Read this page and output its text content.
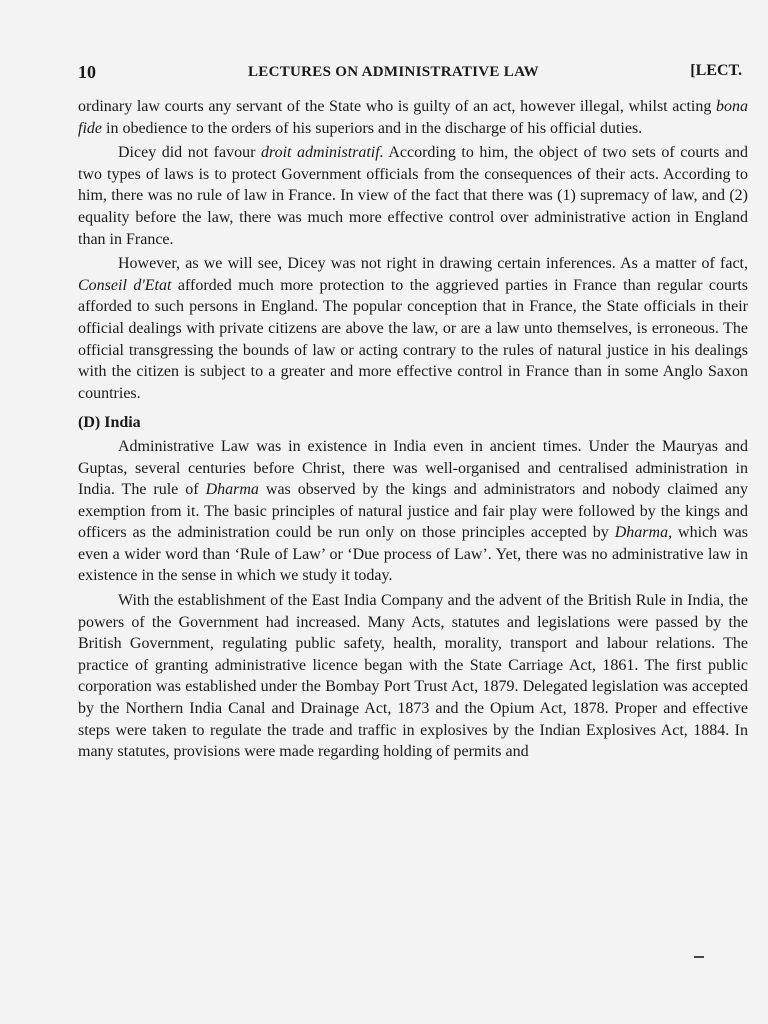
10	LECTURES ON ADMINISTRATIVE LAW	[LECT.

ordinary law courts any servant of the State who is guilty of an act, however illegal, whilst acting bona fide in obedience to the orders of his superiors and in the discharge of his official duties.

Dicey did not favour droit administratif. According to him, the object of two sets of courts and two types of laws is to protect Government officials from the consequences of their acts. According to him, there was no rule of law in France. In view of the fact that there was (1) supremacy of law, and (2) equality before the law, there was much more effective control over administrative action in England than in France.

However, as we will see, Dicey was not right in drawing certain inferences. As a matter of fact, Conseil d'Etat afforded much more protection to the aggrieved parties in France than regular courts afforded to such persons in England. The popular conception that in France, the State officials in their official dealings with private citizens are above the law, or are a law unto themselves, is erroneous. The official transgressing the bounds of law or acting contrary to the rules of natural justice in his dealings with the citizen is subject to a greater and more effective control in France than in some Anglo Saxon countries.

(D) India

Administrative Law was in existence in India even in ancient times. Under the Mauryas and Guptas, several centuries before Christ, there was well-organised and centralised administration in India. The rule of Dharma was observed by the kings and administrators and nobody claimed any exemption from it. The basic principles of natural justice and fair play were followed by the kings and officers as the administration could be run only on those principles accepted by Dharma, which was even a wider word than ‘Rule of Law’ or ‘Due process of Law’. Yet, there was no administrative law in existence in the sense in which we study it today.

With the establishment of the East India Company and the advent of the British Rule in India, the powers of the Government had increased. Many Acts, statutes and legislations were passed by the British Government, regulating public safety, health, morality, transport and labour relations. The practice of granting administrative licence began with the State Carriage Act, 1861. The first public corporation was established under the Bombay Port Trust Act, 1879. Delegated legislation was accepted by the Northern India Canal and Drainage Act, 1873 and the Opium Act, 1878. Proper and effective steps were taken to regulate the trade and traffic in explosives by the Indian Explosives Act, 1884. In many statutes, provisions were made regarding holding of permits and
